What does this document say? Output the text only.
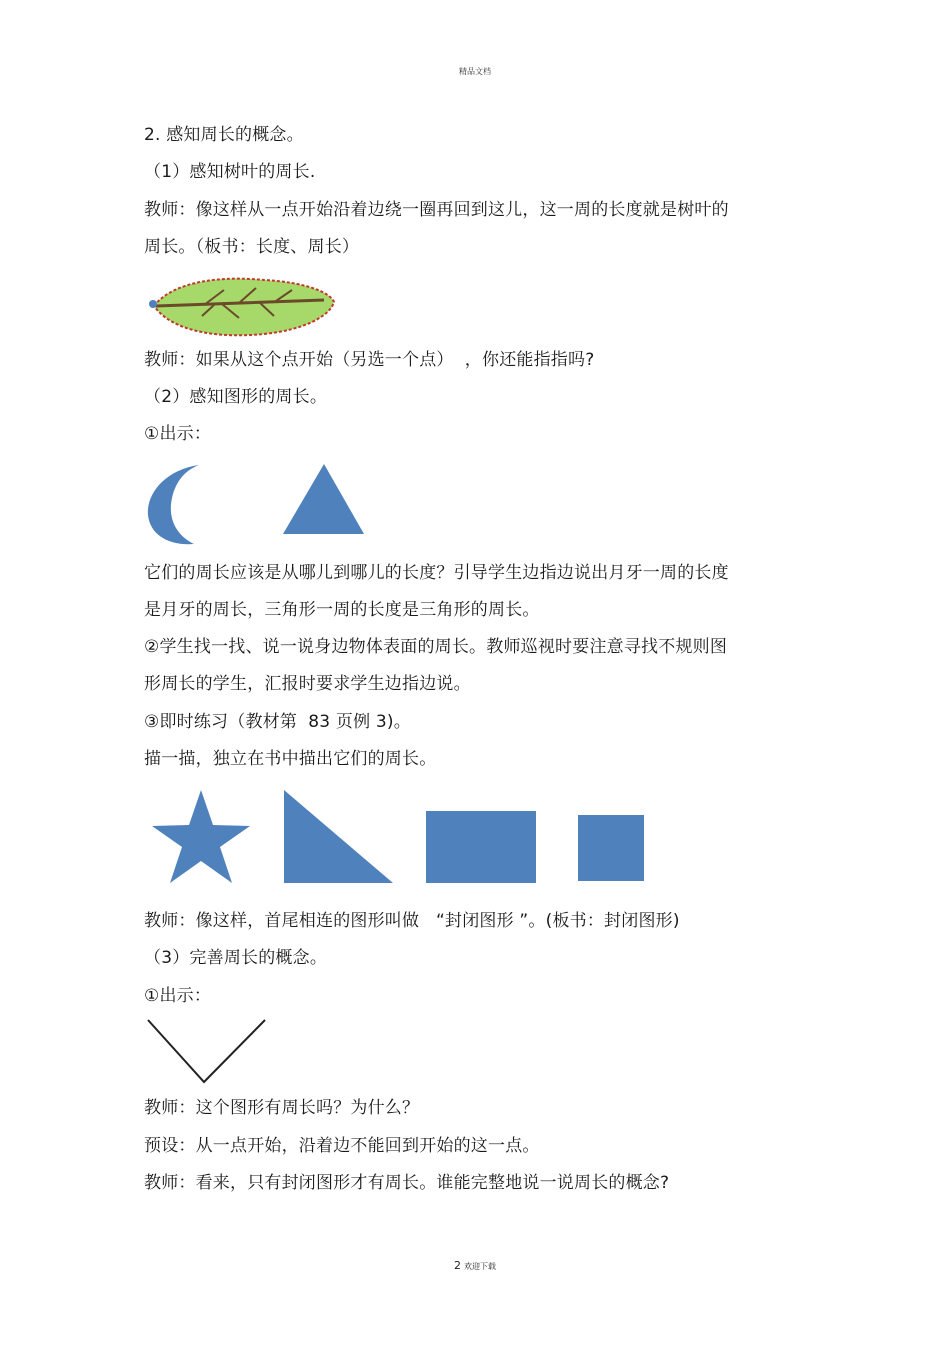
精品文档
2. 感知周长的概念。
（1）感知树叶的周长.
教师：像这样从一点开始沿着边绕一圈再回到这儿，这一周的长度就是树叶的
周长。（板书：长度、周长）
教师：如果从这个点开始（另选一个点）  ，你还能指指吗?
（2）感知图形的周长。
①出示：
它们的周长应该是从哪儿到哪儿的长度？引导学生边指边说出月牙一周的长度
是月牙的周长，三角形一周的长度是三角形的周长。
②学生找一找、说一说身边物体表面的周长。教师巡视时要注意寻找不规则图
形周长的学生，汇报时要求学生边指边说。
③即时练习（教材第  83 页例 3)。
描一描，独立在书中描出它们的周长。
教师：像这样，首尾相连的图形叫做   “封闭图形 ”。(板书：封闭图形)
（3）完善周长的概念。
①出示：
教师：这个图形有周长吗？为什么？
预设：从一点开始，沿着边不能回到开始的这一点。
教师：看来，只有封闭图形才有周长。谁能完整地说一说周长的概念?
2 欢迎下载
